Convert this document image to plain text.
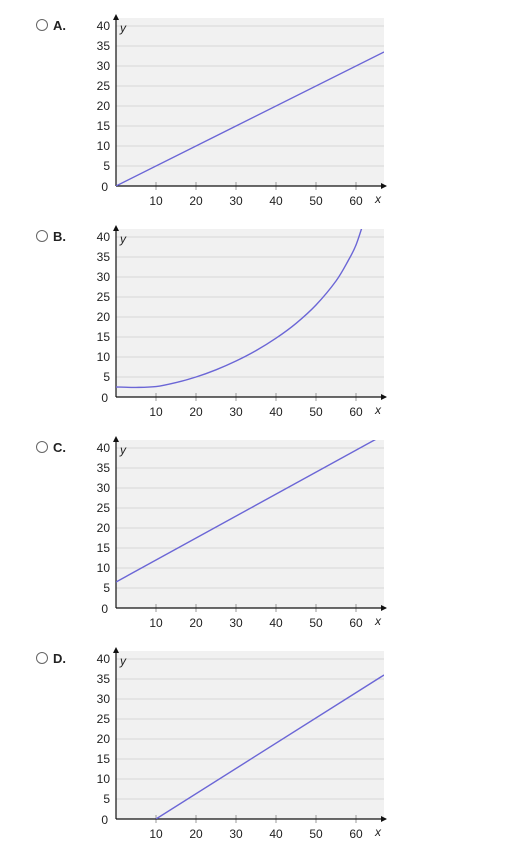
A.
5
10
15
20
25
30
35
40
10 20 30 40 50 60
0
y
x
B.
5
10
15
20
25
30
35
40
10 20 30 40 50 60
0
y
x
C.
5
10
15
20
25
30
35
40
10 20 30 40 50 60
0
y
x
D.
5
10
15
20
25
30
35
40
10 20 30 40 50 60
0
y
x
